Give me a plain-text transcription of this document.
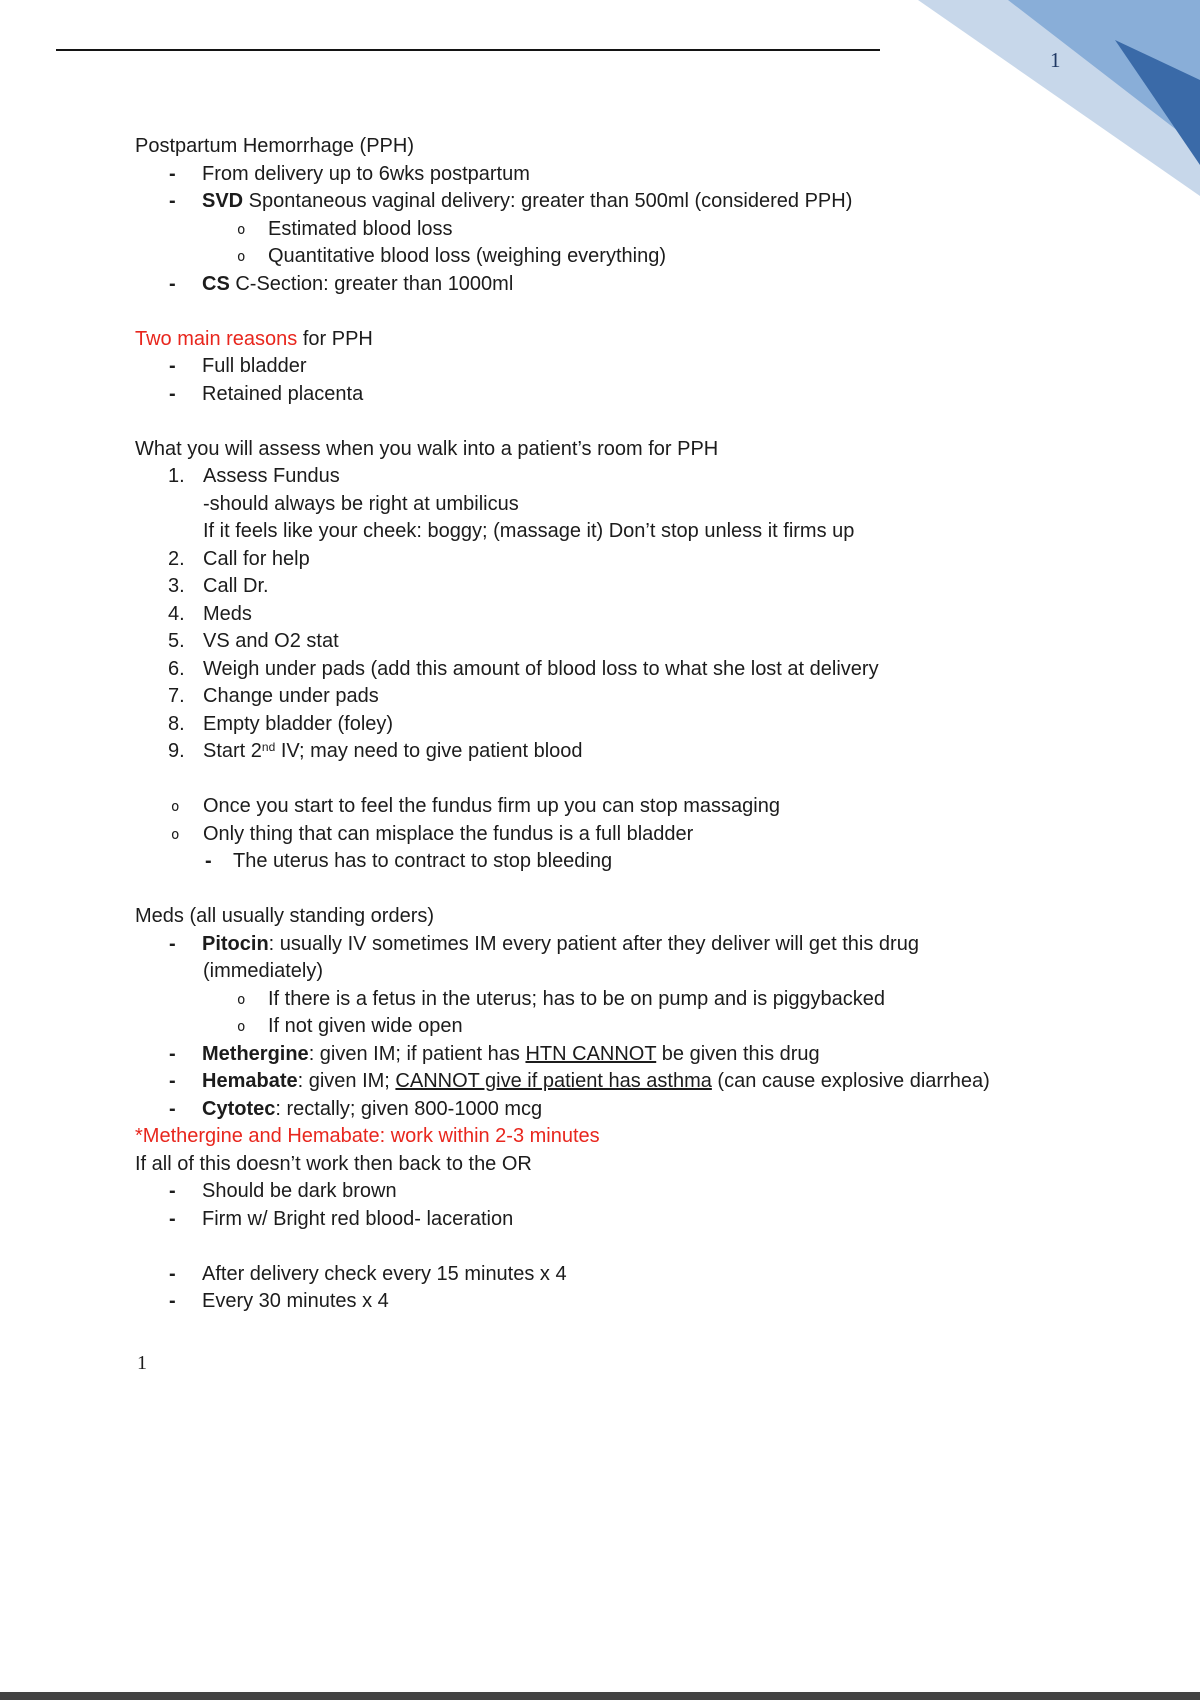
1
Postpartum Hemorrhage (PPH)
- From delivery up to 6wks postpartum
- SVD Spontaneous vaginal delivery: greater than 500ml (considered PPH)
o Estimated blood loss
o Quantitative blood loss (weighing everything)
- CS C-Section: greater than 1000ml
Two main reasons for PPH
- Full bladder
- Retained placenta
What you will assess when you walk into a patient’s room for PPH
1. Assess Fundus
-should always be right at umbilicus
If it feels like your cheek: boggy; (massage it) Don’t stop unless it firms up
2. Call for help
3. Call Dr.
4. Meds
5. VS and O2 stat
6. Weigh under pads (add this amount of blood loss to what she lost at delivery
7. Change under pads
8. Empty bladder (foley)
9. Start 2nd IV; may need to give patient blood
o Once you start to feel the fundus firm up you can stop massaging
o Only thing that can misplace the fundus is a full bladder
- The uterus has to contract to stop bleeding
Meds (all usually standing orders)
- Pitocin: usually IV sometimes IM every patient after they deliver will get this drug
(immediately)
o If there is a fetus in the uterus; has to be on pump and is piggybacked
o If not given wide open
- Methergine: given IM; if patient has HTN CANNOT be given this drug
- Hemabate: given IM; CANNOT give if patient has asthma (can cause explosive diarrhea)
- Cytotec: rectally; given 800-1000 mcg
*Methergine and Hemabate: work within 2-3 minutes
If all of this doesn’t work then back to the OR
- Should be dark brown
- Firm w/ Bright red blood- laceration
- After delivery check every 15 minutes x 4
- Every 30 minutes x 4
1
